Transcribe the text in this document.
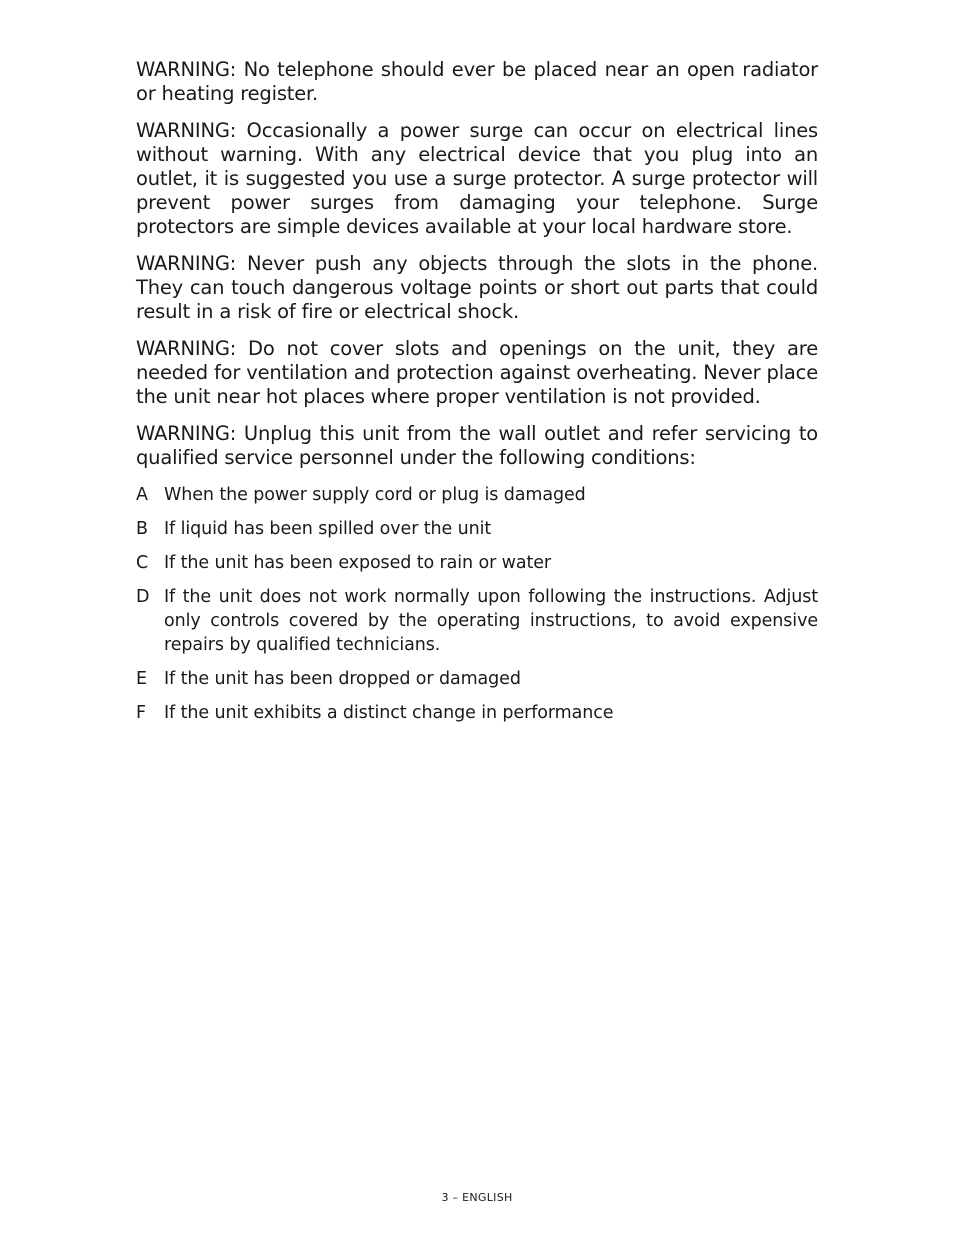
WARNING: No telephone should ever be placed near an open radiator or heating register.

WARNING: Occasionally a power surge can occur on electrical lines without warning. With any electrical device that you plug into an outlet, it is suggested you use a surge protector. A surge protector will prevent power surges from damaging your telephone. Surge protectors are simple devices available at your local hardware store.

WARNING: Never push any objects through the slots in the phone. They can touch dangerous voltage points or short out parts that could result in a risk of fire or electrical shock.

WARNING: Do not cover slots and openings on the unit, they are needed for ventilation and protection against overheating. Never place the unit near hot places where proper ventilation is not provided.

WARNING: Unplug this unit from the wall outlet and refer servicing to qualified service personnel under the following conditions:

A When the power supply cord or plug is damaged
B If liquid has been spilled over the unit
C If the unit has been exposed to rain or water
D If the unit does not work normally upon following the instructions. Adjust only controls covered by the operating instructions, to avoid expensive repairs by qualified technicians.
E If the unit has been dropped or damaged
F	If the unit exhibits a distinct change in performance
3 – ENGLISH
